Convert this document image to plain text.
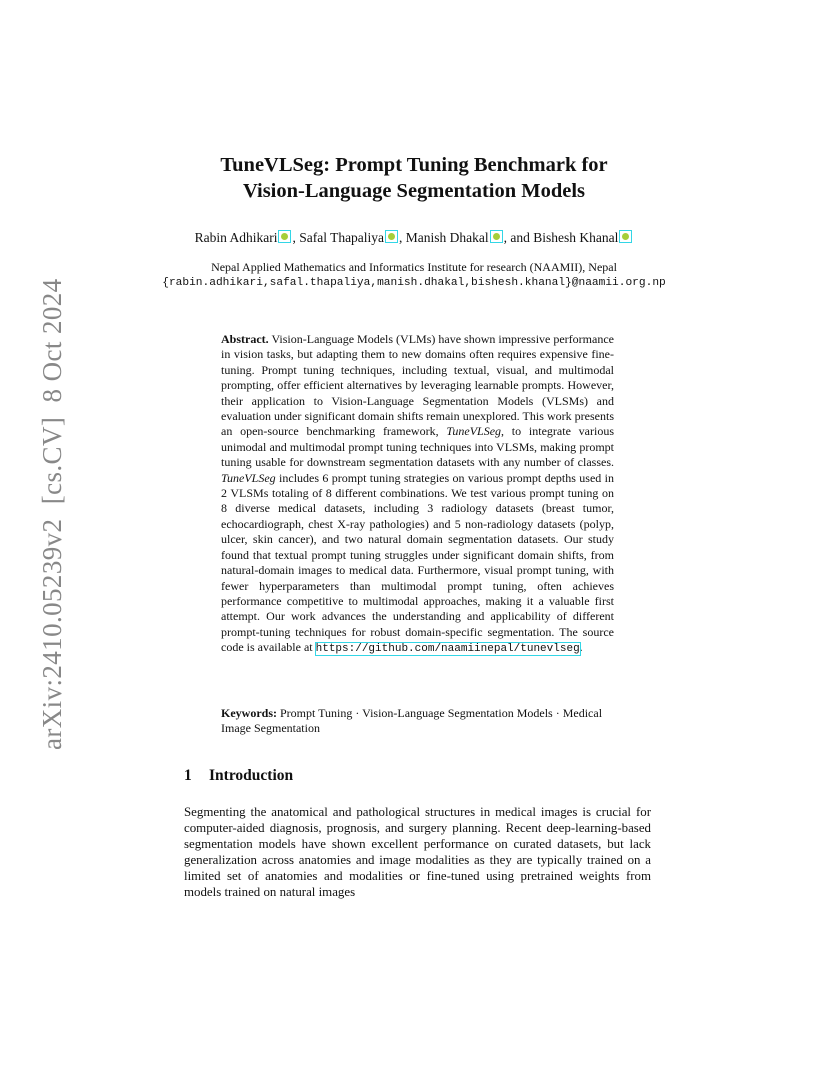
arXiv:2410.05239v2  [cs.CV]  8 Oct 2024
TuneVLSeg: Prompt Tuning Benchmark for
Vision-Language Segmentation Models
Rabin Adhikari , Safal Thapaliya , Manish Dhakal , and Bishesh Khanal
Nepal Applied Mathematics and Informatics Institute for research (NAAMII), Nepal
{rabin.adhikari,safal.thapaliya,manish.dhakal,bishesh.khanal}@naamii.org.np
Abstract. Vision-Language Models (VLMs) have shown impressive performance in vision tasks, but adapting them to new domains often requires expensive fine-tuning. Prompt tuning techniques, including textual, visual, and multimodal prompting, offer efficient alternatives by leveraging learnable prompts. However, their application to Vision-Language Segmentation Models (VLSMs) and evaluation under significant domain shifts remain unexplored. This work presents an open-source benchmarking framework, TuneVLSeg, to integrate various unimodal and multimodal prompt tuning techniques into VLSMs, making prompt tuning usable for downstream segmentation datasets with any number of classes. TuneVLSeg includes 6 prompt tuning strategies on various prompt depths used in 2 VLSMs totaling of 8 different combinations. We test various prompt tuning on 8 diverse medical datasets, including 3 radiology datasets (breast tumor, echocardiograph, chest X-ray pathologies) and 5 non-radiology datasets (polyp, ulcer, skin cancer), and two natural domain segmentation datasets. Our study found that textual prompt tuning struggles under significant domain shifts, from natural-domain images to medical data. Furthermore, visual prompt tuning, with fewer hyperparameters than multimodal prompt tuning, often achieves performance competitive to multimodal approaches, making it a valuable first attempt. Our work advances the understanding and applicability of different prompt-tuning techniques for robust domain-specific segmentation. The source code is available at https://github.com/naamiinepal/tunevlseg.
Keywords: Prompt Tuning · Vision-Language Segmentation Models · Medical Image Segmentation
1 Introduction
Segmenting the anatomical and pathological structures in medical images is crucial for computer-aided diagnosis, prognosis, and surgery planning. Recent deep-learning-based segmentation models have shown excellent performance on curated datasets, but lack generalization across anatomies and image modalities as they are typically trained on a limited set of anatomies and modalities or fine-tuned using pretrained weights from models trained on natural images
